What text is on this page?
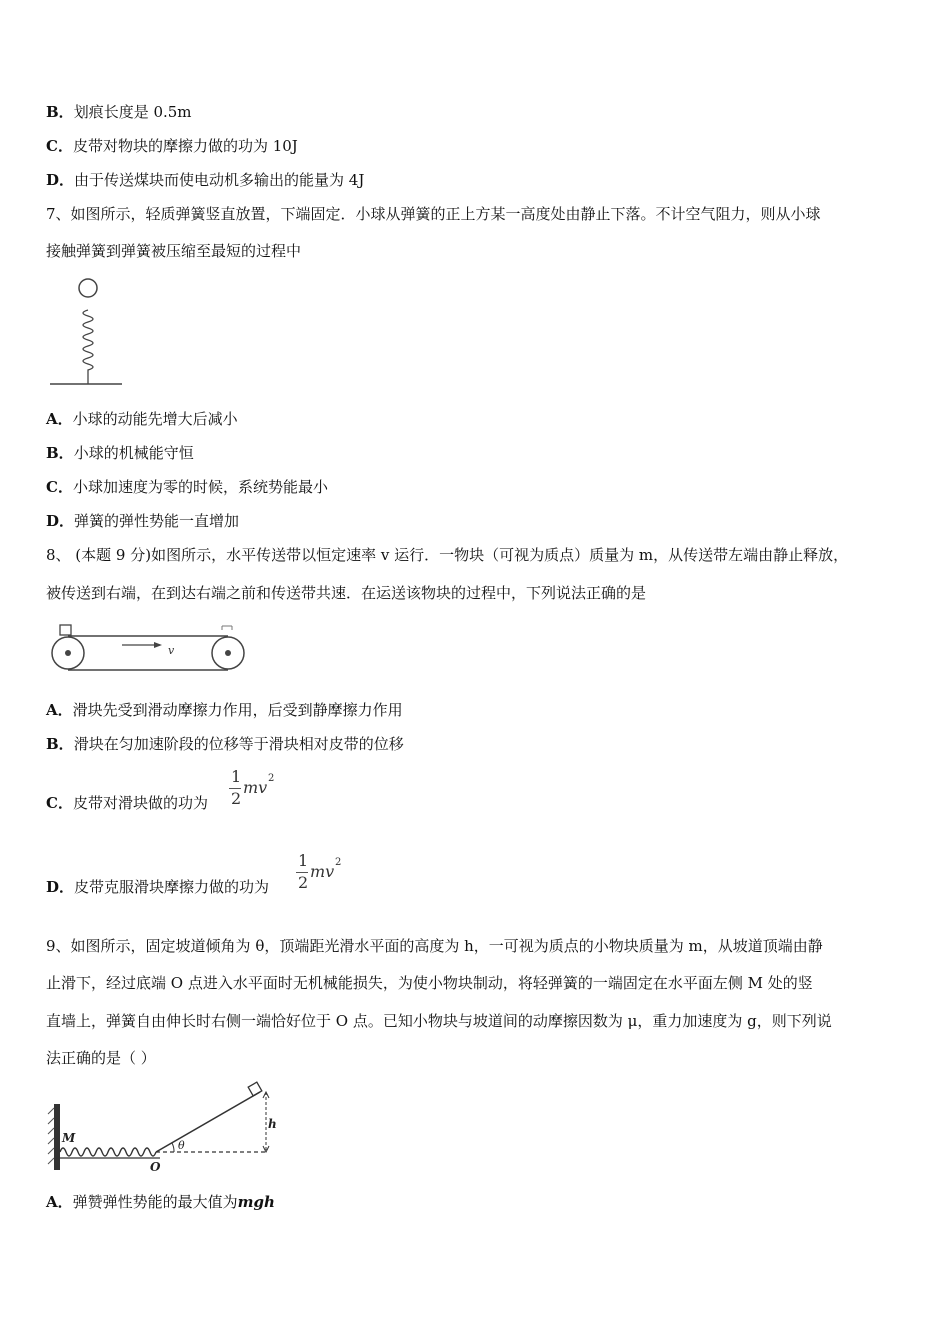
B．划痕长度是 0.5m
C．皮带对物块的摩擦力做的功为 10J
D．由于传送煤块而使电动机多输出的能量为 4J
7、如图所示，轻质弹簧竖直放置，下端固定．小球从弹簧的正上方某一高度处由静止下落。不计空气阻力，则从小球
接触弹簧到弹簧被压缩至最短的过程中
A．小球的动能先增大后减小
B．小球的机械能守恒
C．小球加速度为零的时候，系统势能最小
D．弹簧的弹性势能一直增加
8、 (本题 9 分)如图所示，水平传送带以恒定速率 v 运行．一物块（可视为质点）质量为 m，从传送带左端由静止释放，
被传送到右端，在到达右端之前和传送带共速．在运送该物块的过程中，下列说法正确的是
v
A．滑块先受到滑动摩擦力作用，后受到静摩擦力作用
B．滑块在匀加速阶段的位移等于滑块相对皮带的位移
C．皮带对滑块做的功为
1
2
mv 2
D．皮带克服滑块摩擦力做的功为
1
2
mv 2
9、如图所示，固定坡道倾角为 θ，顶端距光滑水平面的高度为 h，一可视为质点的小物块质量为 m，从坡道顶端由静
止滑下，经过底端 O 点进入水平面时无机械能损失，为使小物块制动，将轻弹簧的一端固定在水平面左侧 M 处的竖
直墙上，弹簧自由伸长时右侧一端恰好位于 O 点。已知小物块与坡道间的动摩擦因数为 μ，重力加速度为 g，则下列说
法正确的是（ ）
M
h
θ
O
A．弹赞弹性势能的最大值为mgh
